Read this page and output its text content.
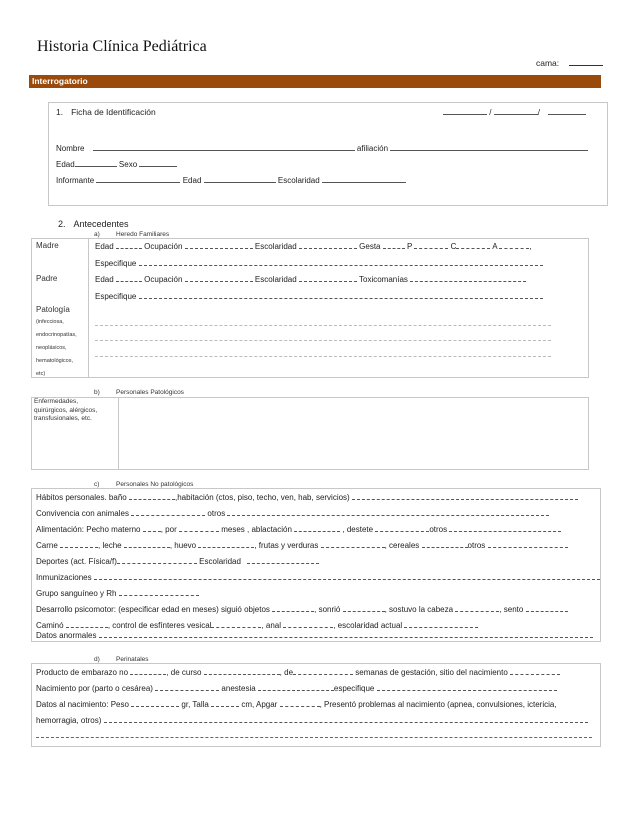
Historia Clínica Pediátrica
cama:
Interrogatorio
1. Ficha de Identificación	/	/
Nombre	afiliación
Edad	Sexo
Informante	Edad	Escolaridad
2. Antecedentes
a) Heredo Familiares
Madre	Edad	Ocupación	Escolaridad	Gesta	P	C	A	,
Especifique
Padre	Edad	Ocupación	Escolaridad	Toxicomanías
Especifique
Patología
(infecciosa,
endocrinopatías,
neoplásicos,
hematológicos,
etc)
b) Personales Patológicos
Enfermedades,
quirúrgicos, alérgicos,
transfusionales, etc.
c)	Personales No patológicos
Hábitos personales. baño	,habitación (ctos, piso, techo, ven, hab, servicios)
Convivencia con animales	otros
Alimentación: Pecho materno	, por	meses , ablactación	, destete	otros
Carne	, leche	, huevo	, frutas y verduras	, cereales	otros
Deportes (act. Física/f)	Escolaridad
Inmunizaciones
Grupo sanguíneo y Rh
Desarrollo psicomotor: (especificar edad en meses) siguió objetos	, sonrió	, sostuvo la cabeza	, sento
Caminó	, control de esfínteres vesical	, anal	, escolaridad actual
Datos anormales
d) Perinatales
Producto de embarazo no	, de curso	, de	semanas de gestación, sitio del nacimiento
Nacimiento por (parto o cesárea)	anestesia	especifique
Datos al nacimiento: Peso	gr, Talla	cm, Apgar	, Presentó problemas al nacimiento (apnea, convulsiones, ictericia,
hemorragia, otros)
